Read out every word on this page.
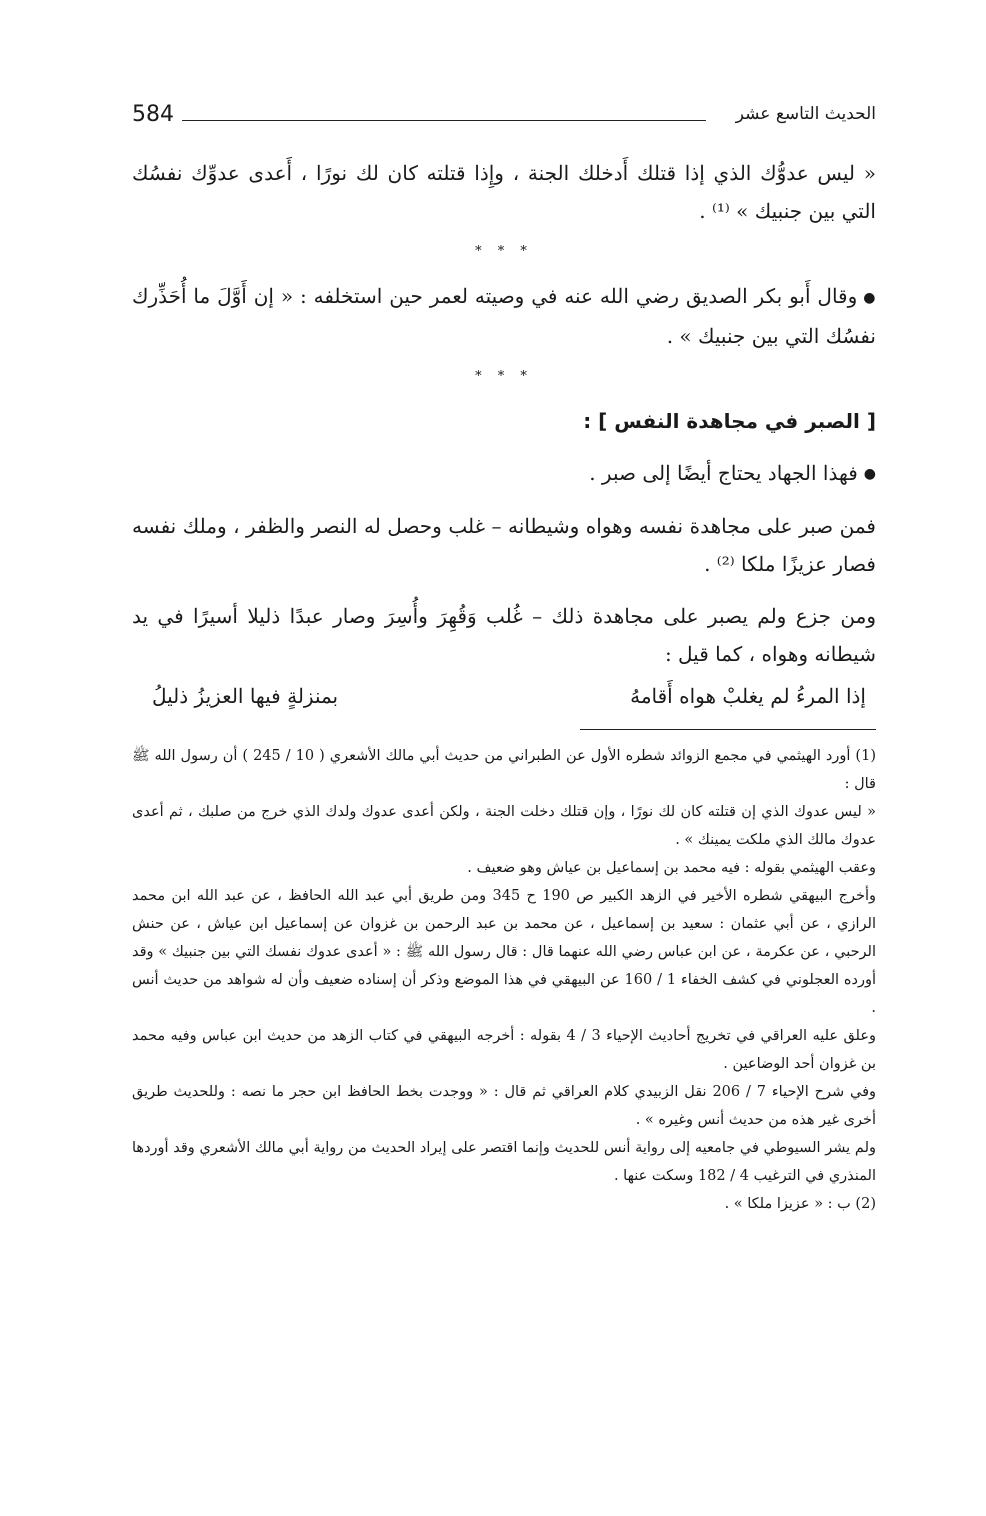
584	الحديث التاسع عشر

« ليس عدوُّك الذي إذا قتلك أَدخلك الجنة ، وإِذا قتلته كان لك نورًا ، أَعدى عدوِّك نفسُك التي بين جنبيك » ⁽¹⁾ .

* * *

●وقال أَبو بكر الصديق رضي الله عنه في وصيته لعمر حين استخلفه : « إن أَوَّلَ ما أُحَذِّرك نفسُك التي بين جنبيك » .

* * *

[ الصبر في مجاهدة النفس ] :

●فهذا الجهاد يحتاج أيضًا إلى صبر .

فمن صبر على مجاهدة نفسه وهواه وشيطانه – غلب وحصل له النصر والظفر ، وملك نفسه فصار عزيزًا ملكا ⁽²⁾ .

ومن جزع ولم يصبر على مجاهدة ذلك – غُلب وَقُهِرَ وأُسِرَ وصار عبدًا ذليلا أسيرًا في يد شيطانه وهواه ، كما قيل :

إذا المرءُ لم يغلبْ هواه أَقامهُ
بمنزلةٍ فيها العزيزُ ذليلُ

(1) أورد الهيثمي في مجمع الزوائد شطره الأول عن الطبراني من حديث أبي مالك الأشعري ( 10 / 245 ) أن رسول الله ﷺ قال :

« ليس عدوك الذي إن قتلته كان لك نورًا ، وإن قتلك دخلت الجنة ، ولكن أعدى عدوك ولدك الذي خرج من صلبك ، ثم أعدى عدوك مالك الذي ملكت يمينك » .

وعقب الهيثمي بقوله : فيه محمد بن إسماعيل بن عياش وهو ضعيف .

وأخرج البيهقي شطره الأخير في الزهد الكبير ص 190 ح 345 ومن طريق أبي عبد الله الحافظ ، عن عبد الله ابن محمد الرازي ، عن أبي عثمان : سعيد بن إسماعيل ، عن محمد بن عبد الرحمن بن غزوان عن إسماعيل ابن عياش ، عن حنش الرحبي ، عن عكرمة ، عن ابن عباس رضي الله عنهما قال : قال رسول الله ﷺ : « أعدى عدوك نفسك التي بين جنبيك » وقد أورده العجلوني في كشف الخفاء 1 / 160 عن البيهقي في هذا الموضع وذكر أن إسناده ضعيف وأن له شواهد من حديث أنس .

وعلق عليه العراقي في تخريج أحاديث الإحياء 3 / 4 بقوله : أخرجه البيهقي في كتاب الزهد من حديث ابن عباس وفيه محمد بن غزوان أحد الوضاعين .

وفي شرح الإحياء 7 / 206 نقل الزبيدي كلام العراقي ثم قال : « ووجدت بخط الحافظ ابن حجر ما نصه : وللحديث طريق أخرى غير هذه من حديث أنس وغيره » .

ولم يشر السيوطي في جامعيه إلى رواية أنس للحديث وإنما اقتصر على إيراد الحديث من رواية أبي مالك الأشعري وقد أوردها المنذري في الترغيب 4 / 182 وسكت عنها .

(2) ب : « عزيزا ملكا » .
